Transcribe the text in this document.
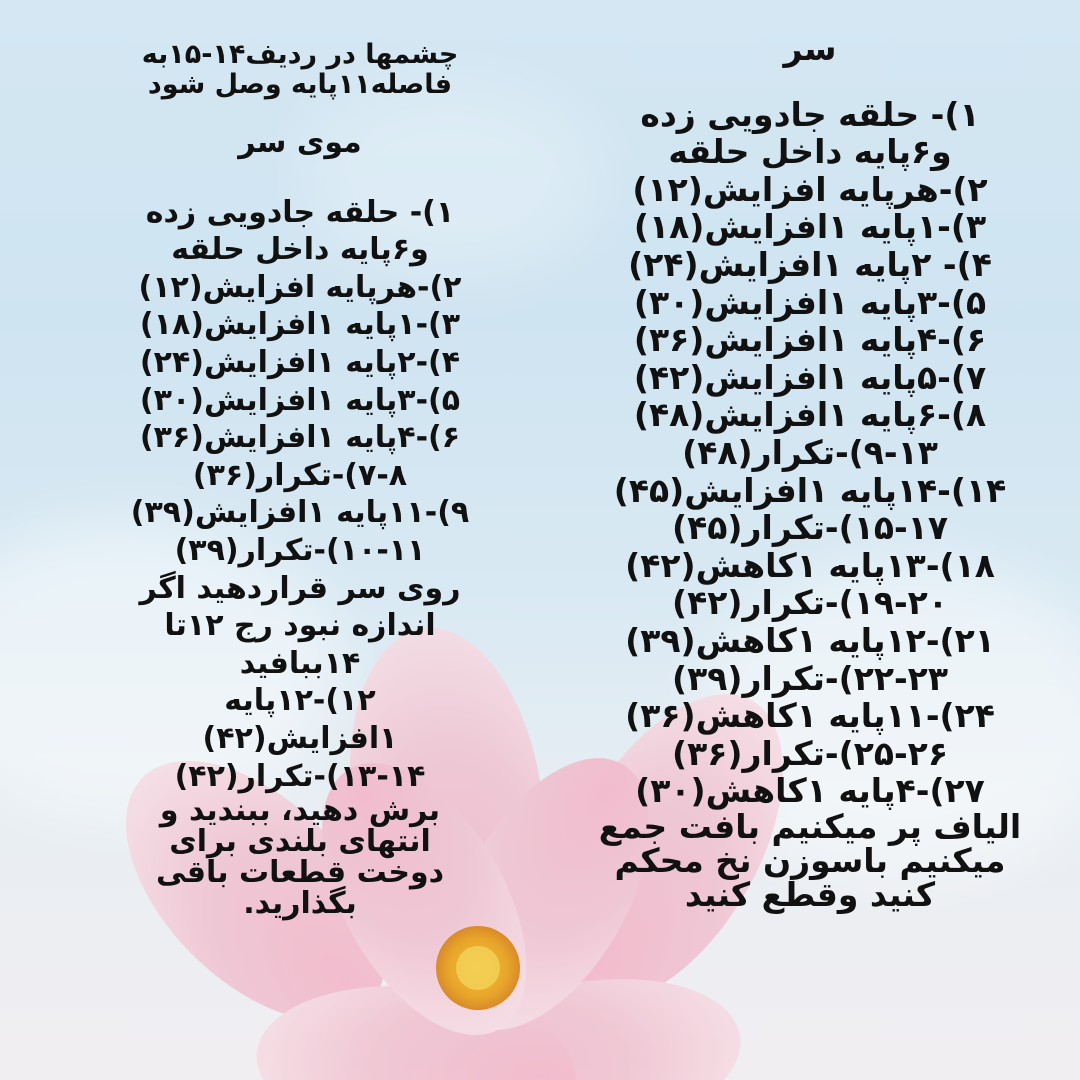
سر
۱)- حلقه جادویی زده
و۶پایه داخل حلقه
۲)-هرپایه افزایش(۱۲)
۳)-۱پایه ۱افزایش(۱۸)
۴)- ۲پایه ۱افزایش(۲۴)
۵)-۳پایه ۱افزایش(۳۰)
۶)-۴پایه ۱افزایش(۳۶)
۷)-۵پایه ۱افزایش(۴۲)
۸)-۶پایه ۱افزایش(۴۸)
۹-۱۳)-تکرار(۴۸)
۱۴)-۱۴پایه ۱افزایش(۴۵)
۱۵-۱۷)-تکرار(۴۵)
۱۸)-۱۳پایه ۱کاهش(۴۲)
۱۹-۲۰)-تکرار(۴۲)
۲۱)-۱۲پایه ۱کاهش(۳۹)
۲۲-۲۳)-تکرار(۳۹)
۲۴)-۱۱پایه ۱کاهش(۳۶)
۲۵-۲۶)-تکرار(۳۶)
۲۷)-۴پایه ۱کاهش(۳۰)
الیاف پر میکنیم بافت جمع
میکنیم باسوزن نخ محکم
کنید وقطع کنید
چشمها در ردیف۱۴-۱۵به
فاصله۱۱پایه وصل شود
موی سر
۱)- حلقه جادویی زده
و۶پایه داخل حلقه
۲)-هرپایه افزایش(۱۲)
۳)-۱پایه ۱افزایش(۱۸)
۴)-۲پایه ۱افزایش(۲۴)
۵)-۳پایه ۱افزایش(۳۰)
۶)-۴پایه ۱افزایش(۳۶)
۷-۸)-تکرار(۳۶)
۹)-۱۱پایه ۱افزایش(۳۹)
۱۰-۱۱)-تکرار(۳۹)
روی سر قراردهید اگر
اندازه نبود رج ۱۲تا
۱۴ببافید
۱۲)-۱۲پایه
۱افزایش(۴۲)
۱۳-۱۴)-تکرار(۴۲)
برش دهید، ببندید و
انتهای بلندی برای
دوخت قطعات باقی
بگذارید.
